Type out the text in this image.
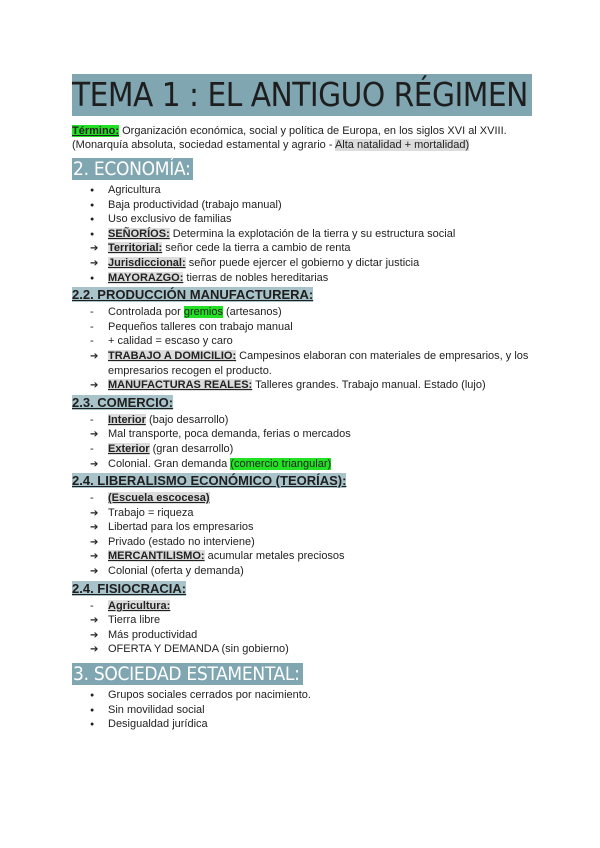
TEMA 1 : EL ANTIGUO RÉGIMEN
Término: Organización económica, social y política de Europa, en los siglos XVI al XVIII.
(Monarquía absoluta, sociedad estamental y agrario - Alta natalidad + mortalidad)
2. ECONOMÍA:
●
Agricultura
●
Baja productividad (trabajo manual)
●
Uso exclusivo de familias
●
SEÑORÍOS: Determina la explotación de la tierra y su estructura social
➔
Territorial: señor cede la tierra a cambio de renta
➔
Jurisdiccional: señor puede ejercer el gobierno y dictar justicia
●
MAYORAZGO: tierras de nobles hereditarias
2.2. PRODUCCIÓN MANUFACTURERA:
-
Controlada por gremios (artesanos)
-
Pequeños talleres con trabajo manual
-
+ calidad = escaso y caro
➔
TRABAJO A DOMICILIO: Campesinos elaboran con materiales de empresarios, y los empresarios recogen el producto.
➔
MANUFACTURAS REALES: Talleres grandes. Trabajo manual. Estado (lujo)
2.3. COMERCIO:
-
Interior (bajo desarrollo)
➔
Mal transporte, poca demanda, ferias o mercados
-
Exterior (gran desarrollo)
➔
Colonial. Gran demanda (comercio triangular)
2.4. LIBERALISMO ECONÓMICO (TEORÍAS):
-
(Escuela escocesa)
➔
Trabajo = riqueza
➔
Libertad para los empresarios
➔
Privado (estado no interviene)
➔
MERCANTILISMO: acumular metales preciosos
➔
Colonial (oferta y demanda)
2.4. FISIOCRACIA:
-
Agricultura:
➔
Tierra libre
➔
Más productividad
➔
OFERTA Y DEMANDA (sin gobierno)
3. SOCIEDAD ESTAMENTAL:
●
Grupos sociales cerrados por nacimiento.
●
Sin movilidad social
●
Desigualdad jurídica
